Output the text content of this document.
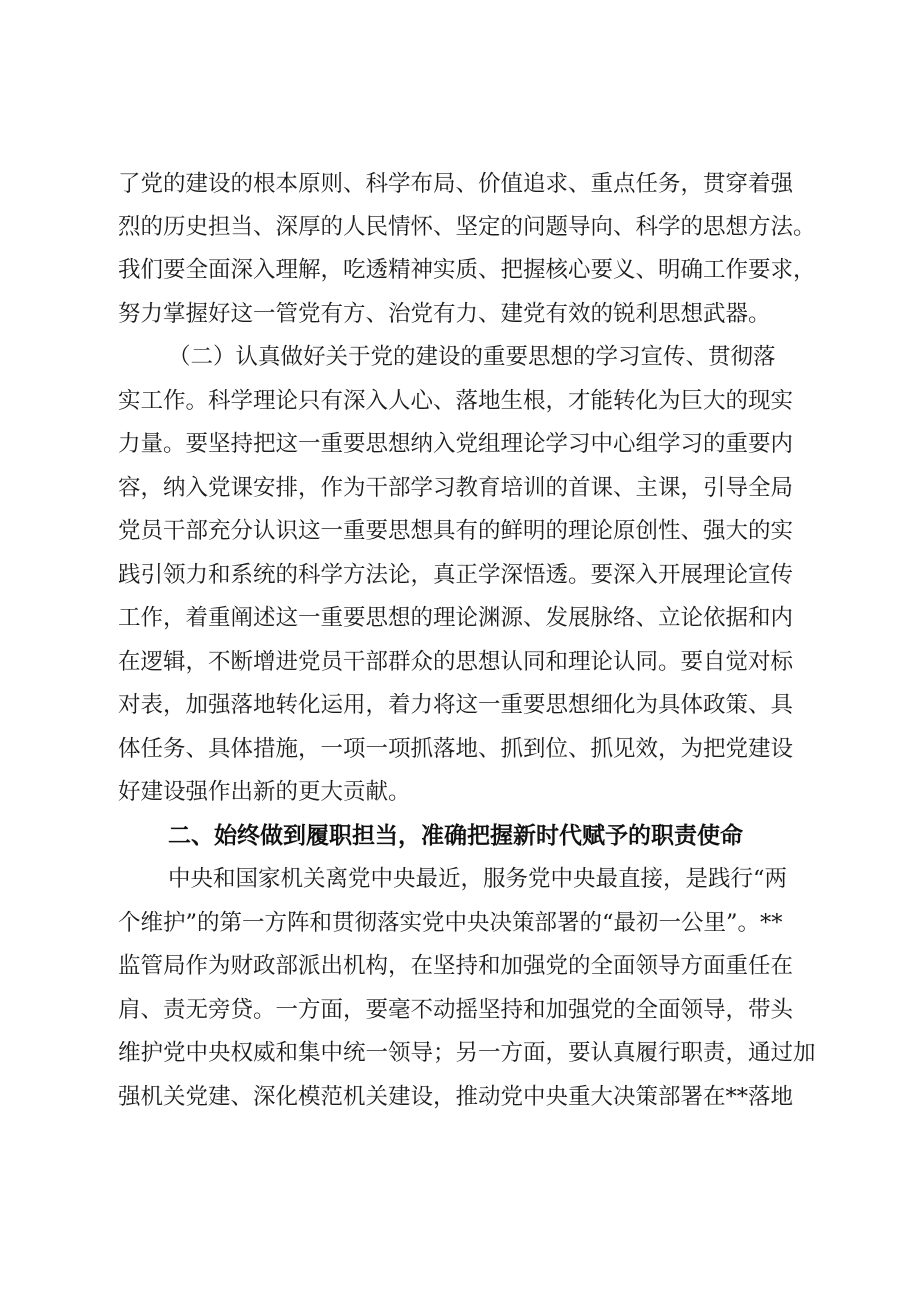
了党的建设的根本原则、科学布局、价值追求、重点任务，贯穿着强
烈的历史担当、深厚的人民情怀、坚定的问题导向、科学的思想方法。
我们要全面深入理解，吃透精神实质、把握核心要义、明确工作要求，
努力掌握好这一管党有方、治党有力、建党有效的锐利思想武器。
（二）认真做好关于党的建设的重要思想的学习宣传、贯彻落
实工作。科学理论只有深入人心、落地生根，才能转化为巨大的现实
力量。要坚持把这一重要思想纳入党组理论学习中心组学习的重要内
容，纳入党课安排，作为干部学习教育培训的首课、主课，引导全局
党员干部充分认识这一重要思想具有的鲜明的理论原创性、强大的实
践引领力和系统的科学方法论，真正学深悟透。要深入开展理论宣传
工作，着重阐述这一重要思想的理论渊源、发展脉络、立论依据和内
在逻辑，不断增进党员干部群众的思想认同和理论认同。要自觉对标
对表，加强落地转化运用，着力将这一重要思想细化为具体政策、具
体任务、具体措施，一项一项抓落地、抓到位、抓见效，为把党建设
好建设强作出新的更大贡献。
二、始终做到履职担当，准确把握新时代赋予的职责使命
中央和国家机关离党中央最近，服务党中央最直接，是践行“两
个维护”的第一方阵和贯彻落实党中央决策部署的“最初一公里”。**
监管局作为财政部派出机构，在坚持和加强党的全面领导方面重任在
肩、责无旁贷。一方面，要毫不动摇坚持和加强党的全面领导，带头
维护党中央权威和集中统一领导；另一方面，要认真履行职责，通过加
强机关党建、深化模范机关建设，推动党中央重大决策部署在**落地
